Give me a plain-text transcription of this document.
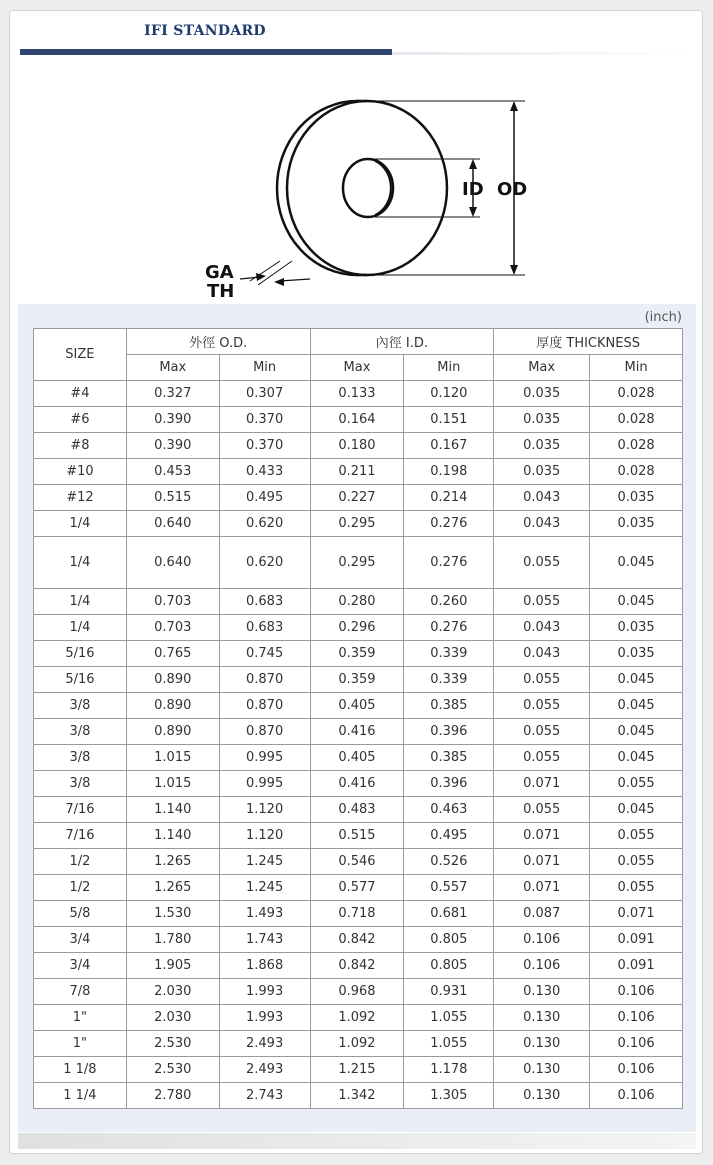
IFI STANDARD
ID OD
GA
TH
(inch)
SIZE	外徑 O.D.		內徑 I.D.		厚度 THICKNESS	
	Max	Min	Max	Min	Max	Min
#4	0.327	0.307	0.133	0.120	0.035	0.028
#6	0.390	0.370	0.164	0.151	0.035	0.028
#8	0.390	0.370	0.180	0.167	0.035	0.028
#10	0.453	0.433	0.211	0.198	0.035	0.028
#12	0.515	0.495	0.227	0.214	0.043	0.035
1/4	0.640	0.620	0.295	0.276	0.043	0.035
1/4	0.640	0.620	0.295	0.276	0.055	0.045
1/4	0.703	0.683	0.280	0.260	0.055	0.045
1/4	0.703	0.683	0.296	0.276	0.043	0.035
5/16	0.765	0.745	0.359	0.339	0.043	0.035
5/16	0.890	0.870	0.359	0.339	0.055	0.045
3/8	0.890	0.870	0.405	0.385	0.055	0.045
3/8	0.890	0.870	0.416	0.396	0.055	0.045
3/8	1.015	0.995	0.405	0.385	0.055	0.045
3/8	1.015	0.995	0.416	0.396	0.071	0.055
7/16	1.140	1.120	0.483	0.463	0.055	0.045
7/16	1.140	1.120	0.515	0.495	0.071	0.055
1/2	1.265	1.245	0.546	0.526	0.071	0.055
1/2	1.265	1.245	0.577	0.557	0.071	0.055
5/8	1.530	1.493	0.718	0.681	0.087	0.071
3/4	1.780	1.743	0.842	0.805	0.106	0.091
3/4	1.905	1.868	0.842	0.805	0.106	0.091
7/8	2.030	1.993	0.968	0.931	0.130	0.106
1"	2.030	1.993	1.092	1.055	0.130	0.106
1"	2.530	2.493	1.092	1.055	0.130	0.106
1 1/8	2.530	2.493	1.215	1.178	0.130	0.106
1 1/4	2.780	2.743	1.342	1.305	0.130	0.106
